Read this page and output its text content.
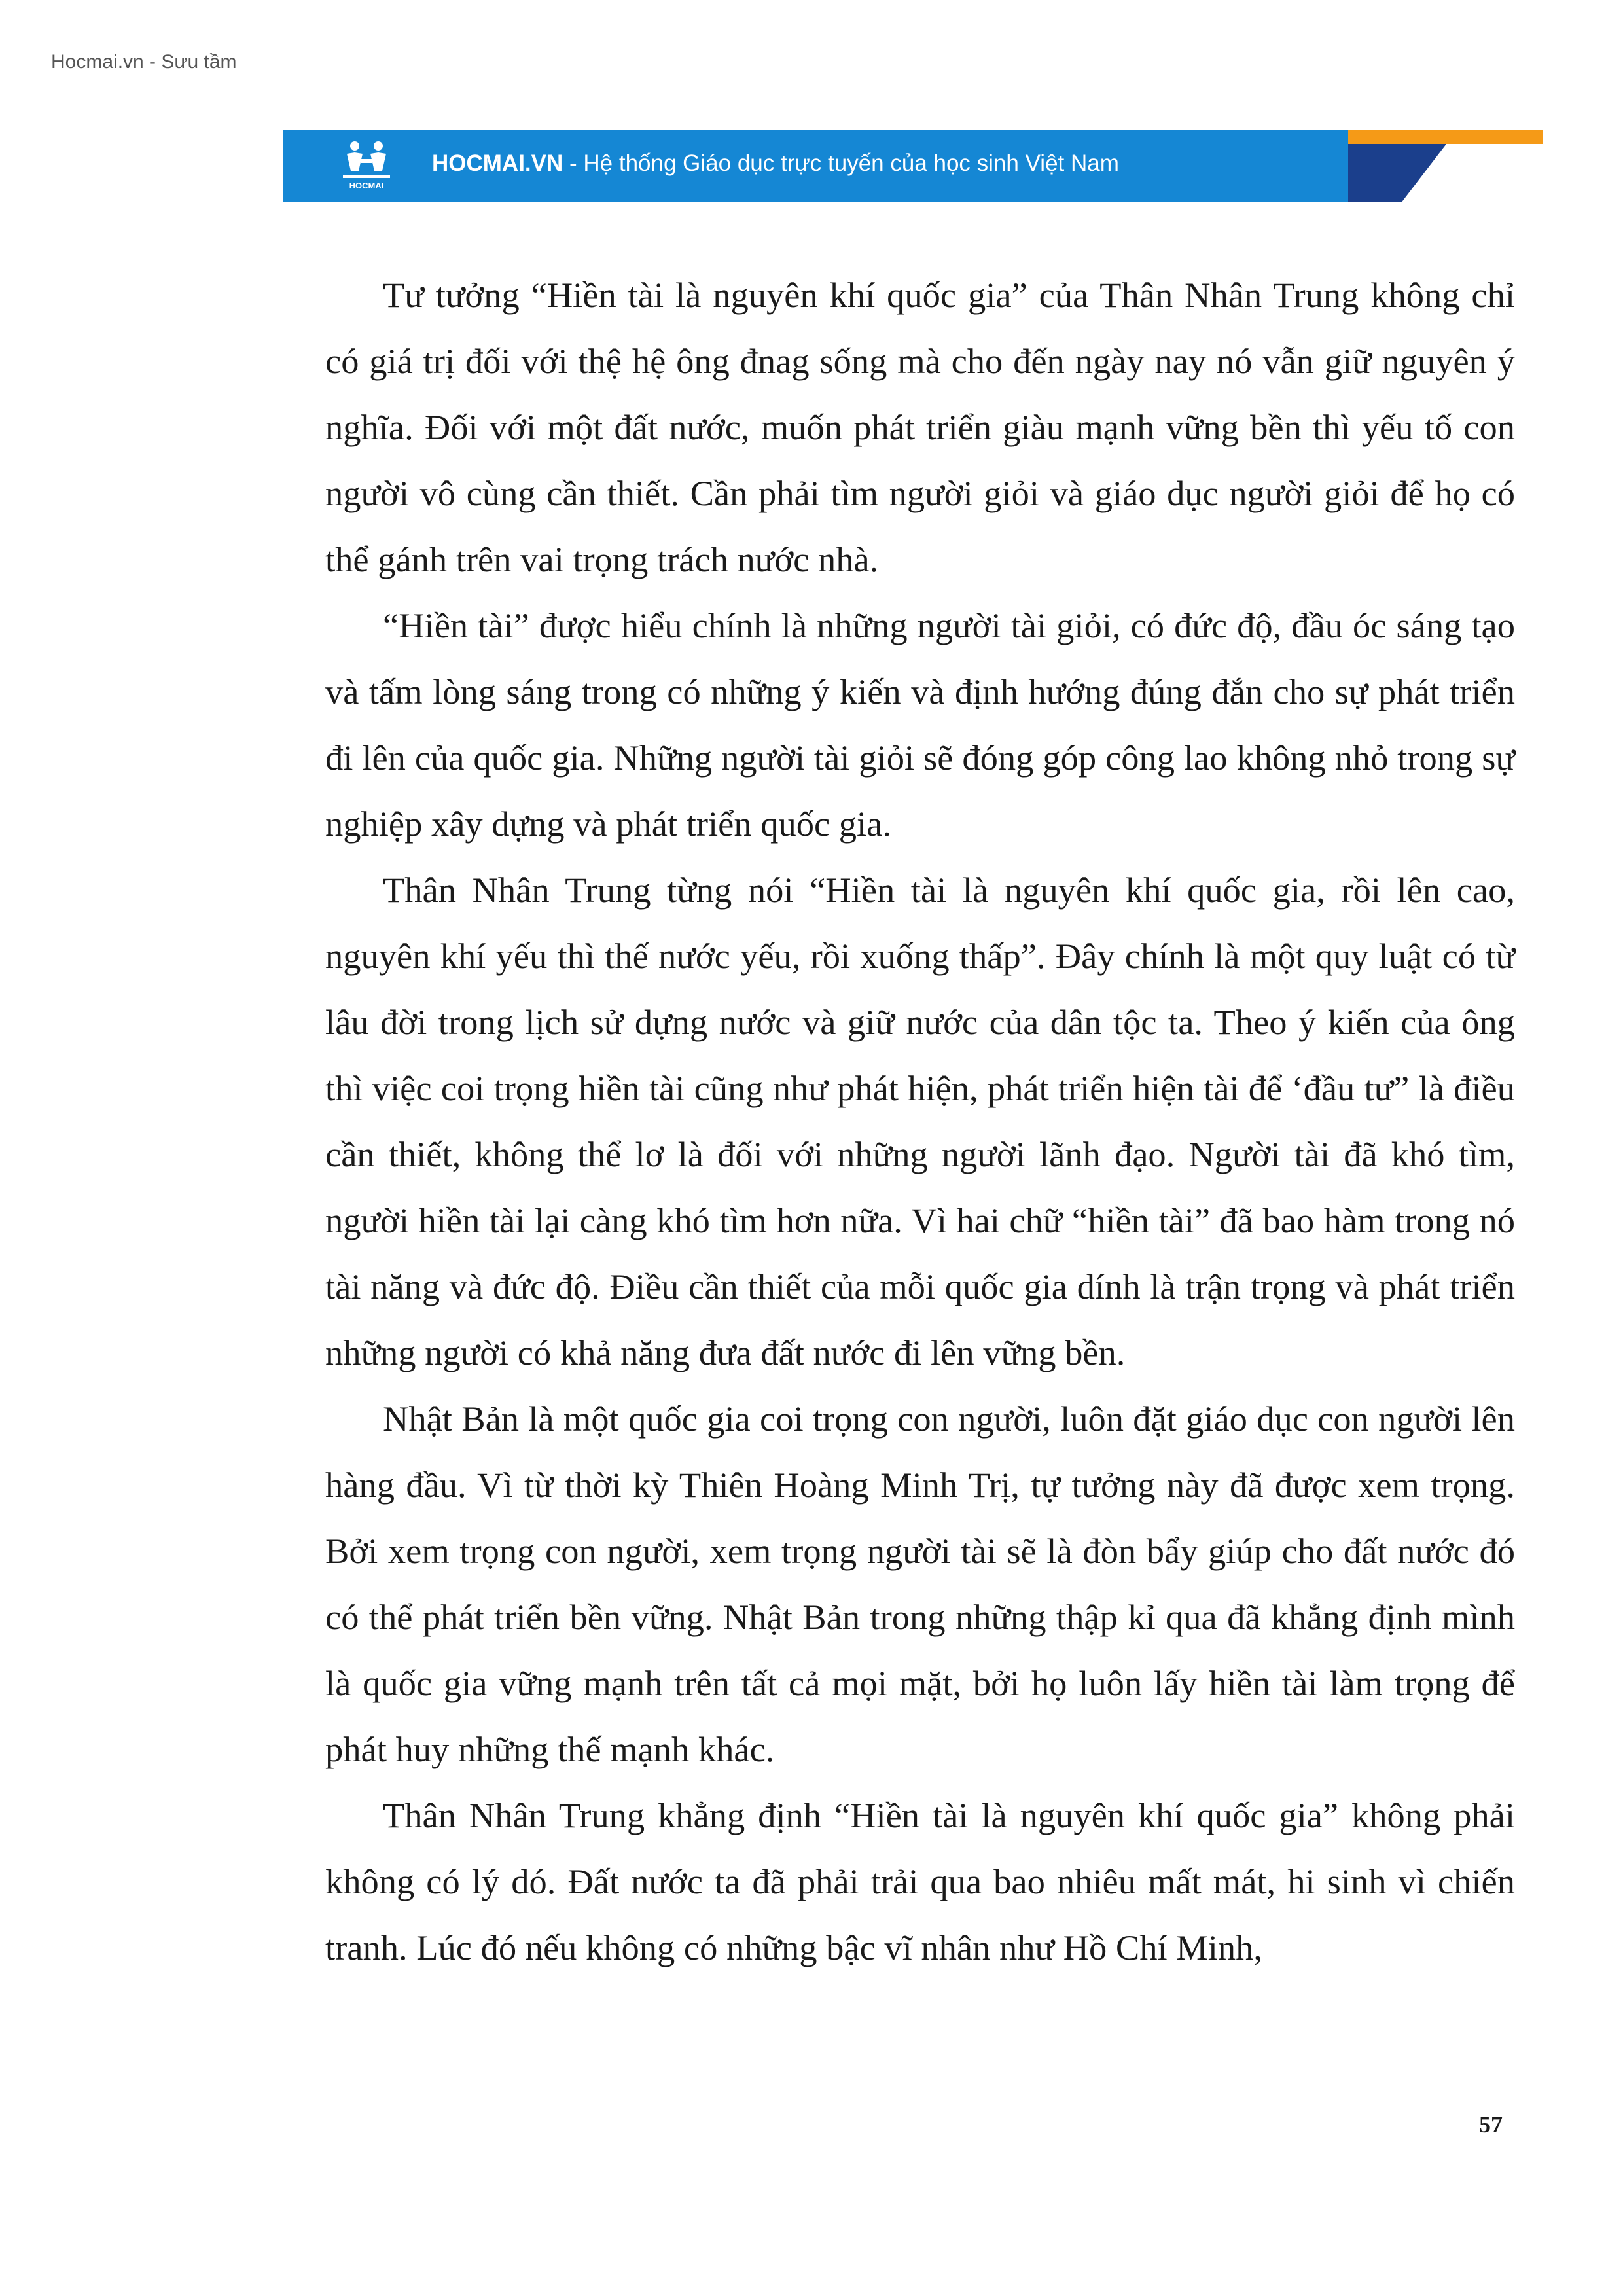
Hocmai.vn - Sưu tầm
HOCMAI
HOCMAI.VN - Hệ thống Giáo dục trực tuyến của học sinh Việt Nam

Tư tưởng “Hiền tài là nguyên khí quốc gia” của Thân Nhân Trung không chỉ có giá trị đối với thệ hệ ông đnag sống mà cho đến ngày nay nó vẫn giữ nguyên ý nghĩa. Đối với một đất nước, muốn phát triển giàu mạnh vững bền thì yếu tố con người vô cùng cần thiết. Cần phải tìm người giỏi và giáo dục người giỏi để họ có thể gánh trên vai trọng trách nước nhà.

“Hiền tài” được hiểu chính là những người tài giỏi, có đức độ, đầu óc sáng tạo và tấm lòng sáng trong có những ý kiến và định hướng đúng đắn cho sự phát triển đi lên của quốc gia. Những người tài giỏi sẽ đóng góp công lao không nhỏ trong sự nghiệp xây dựng và phát triển quốc gia.

Thân Nhân Trung từng nói “Hiền tài là nguyên khí quốc gia, rồi lên cao, nguyên khí yếu thì thế nước yếu, rồi xuống thấp”. Đây chính là một quy luật có từ lâu đời trong lịch sử dựng nước và giữ nước của dân tộc ta. Theo ý kiến của ông thì việc coi trọng hiền tài cũng như phát hiện, phát triển hiện tài để ‘đầu tư” là điều cần thiết, không thể lơ là đối với những người lãnh đạo. Người tài đã khó tìm, người hiền tài lại càng khó tìm hơn nữa. Vì hai chữ “hiền tài” đã bao hàm trong nó tài năng và đức độ. Điều cần thiết của mỗi quốc gia dính là trận trọng và phát triển những người có khả năng đưa đất nước đi lên vững bền.

Nhật Bản là một quốc gia coi trọng con người, luôn đặt giáo dục con người lên hàng đầu. Vì từ thời kỳ Thiên Hoàng Minh Trị, tự tưởng này đã được xem trọng. Bởi xem trọng con người, xem trọng người tài sẽ là đòn bẩy giúp cho đất nước đó có thể phát triển bền vững. Nhật Bản trong những thập kỉ qua đã khẳng định mình là quốc gia vững mạnh trên tất cả mọi mặt, bởi họ luôn lấy hiền tài làm trọng để phát huy những thế mạnh khác.

Thân Nhân Trung khẳng định “Hiền tài là nguyên khí quốc gia” không phải không có lý dó. Đất nước ta đã phải trải qua bao nhiêu mất mát, hi sinh vì chiến tranh. Lúc đó nếu không có những bậc vĩ nhân như Hồ Chí Minh,

57
